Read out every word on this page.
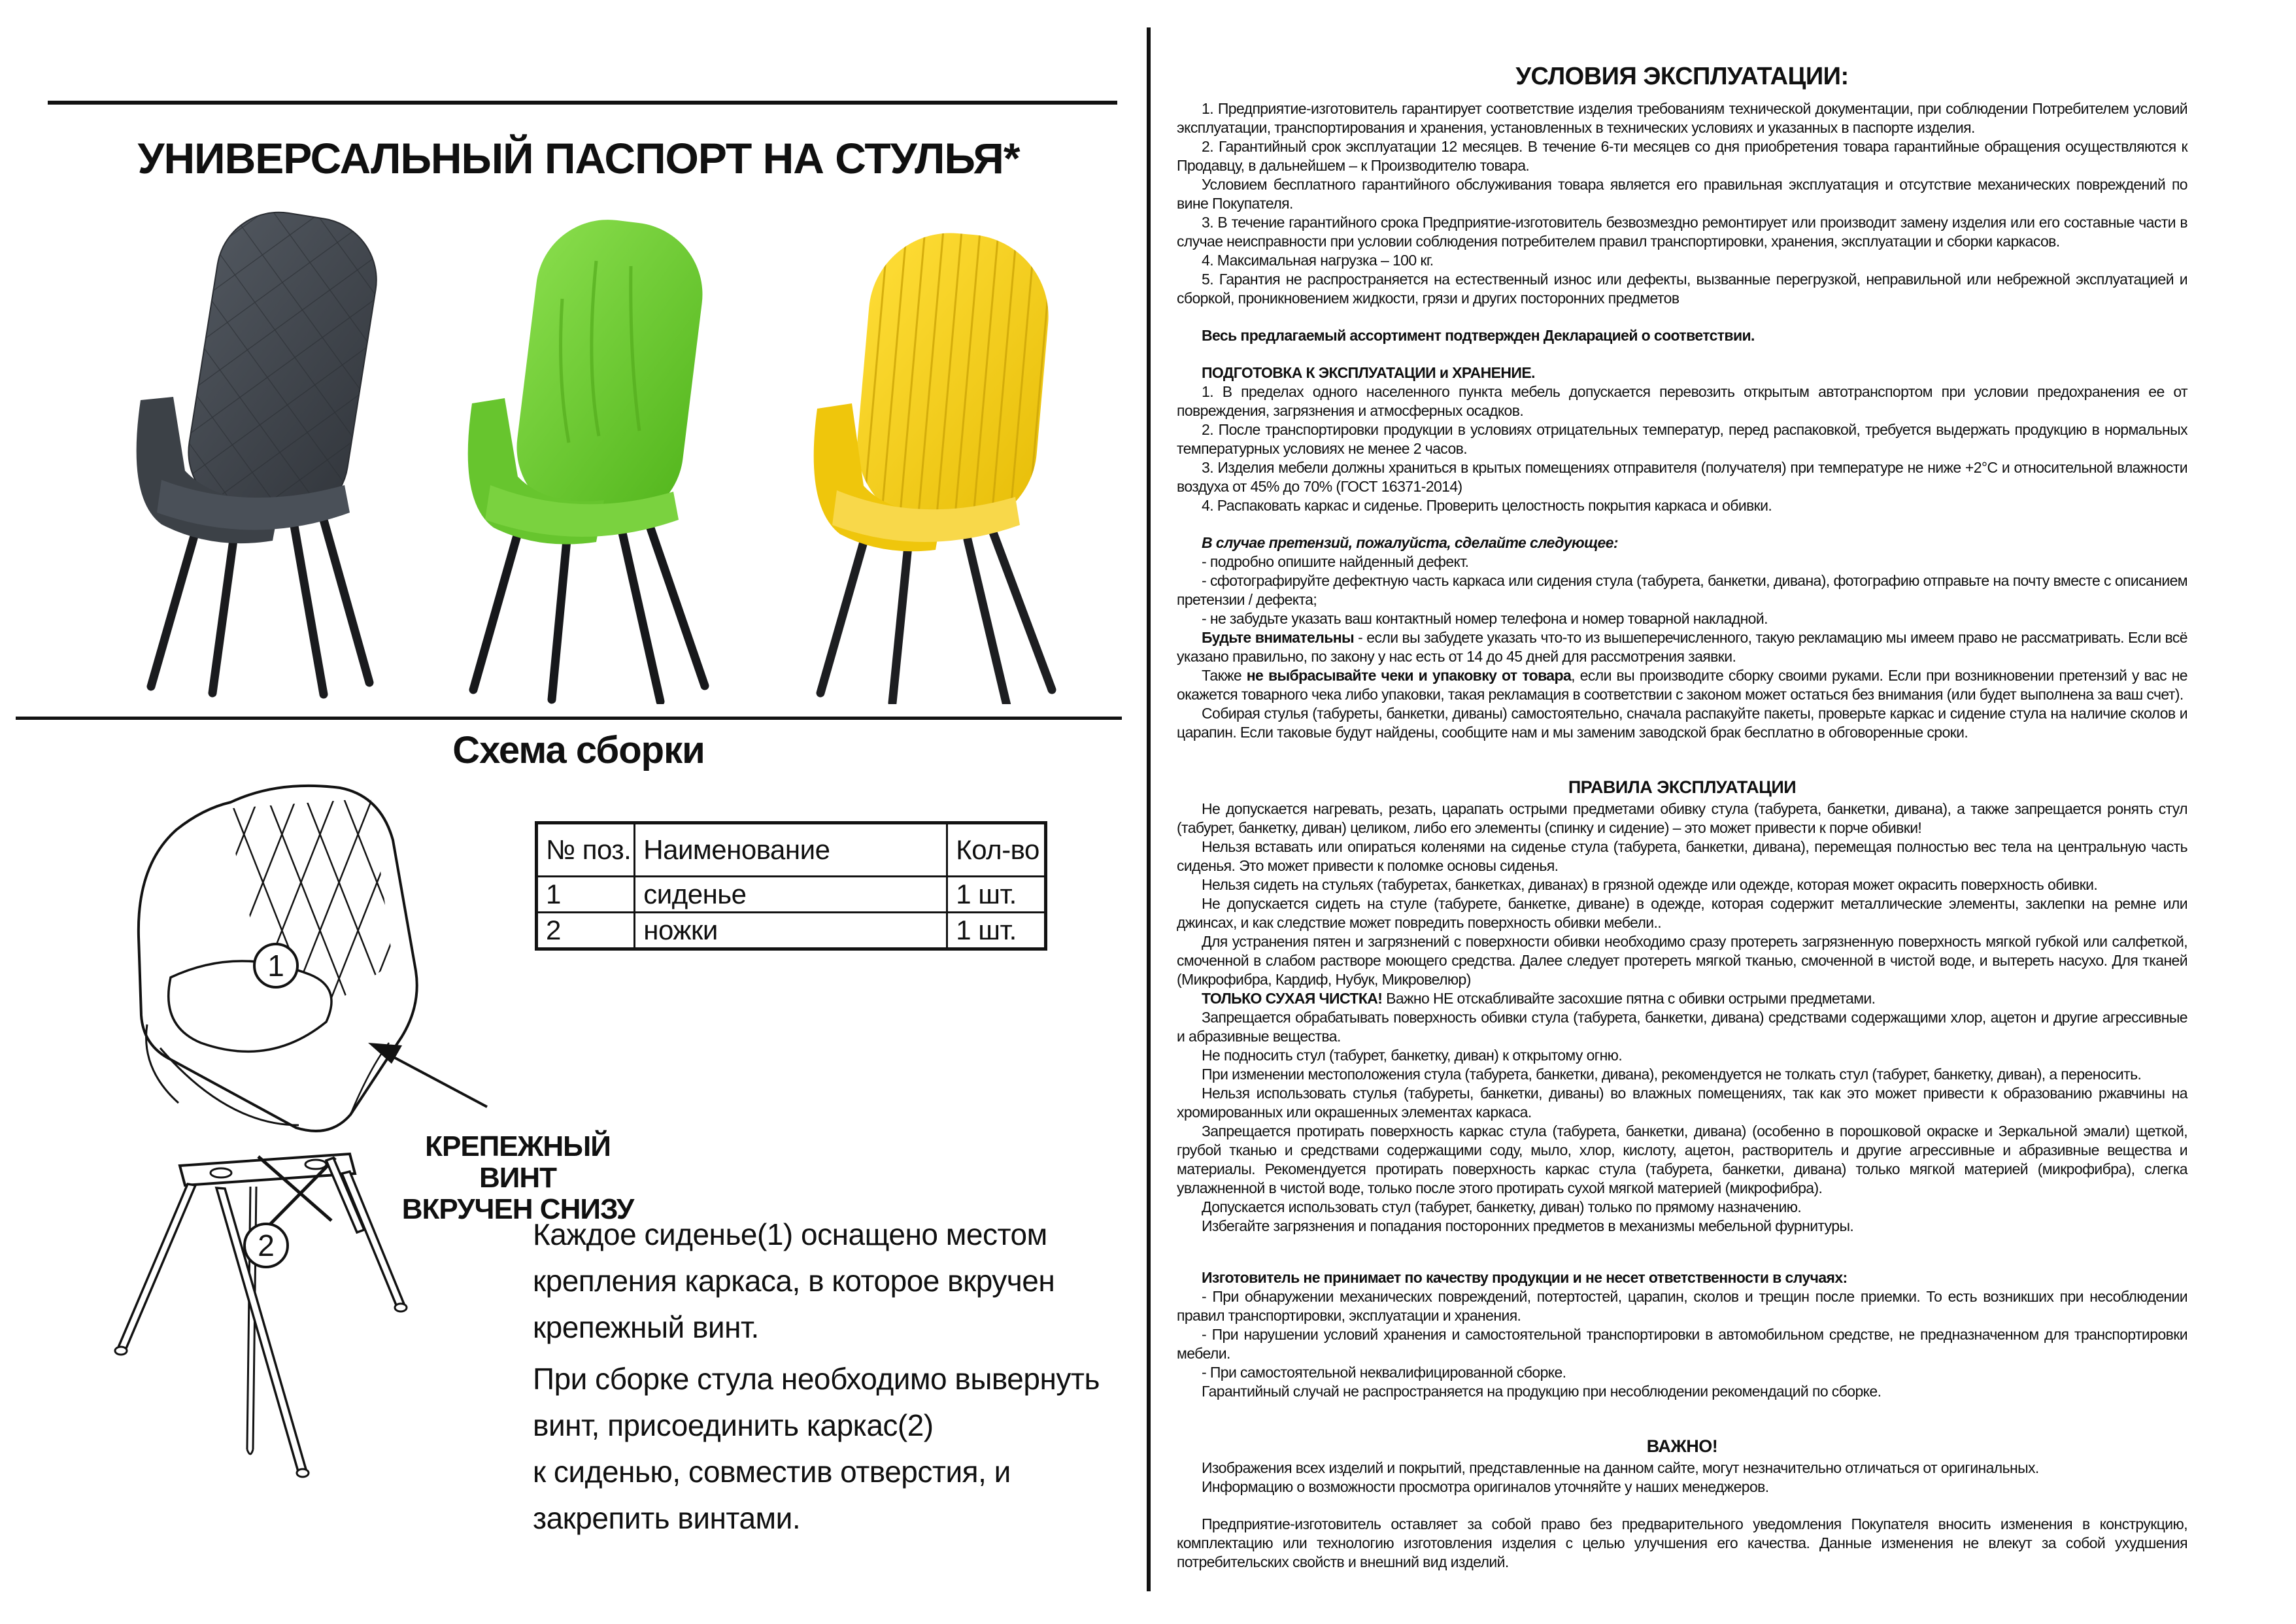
УНИВЕРСАЛЬНЫЙ ПАСПОРТ НА СТУЛЬЯ*
Схема сборки
1
2
КРЕПЕЖНЫЙ ВИНТ
ВКРУЧЕН СНИЗУ
№ поз.	Наименование	Кол-во
1	сиденье	1 шт.
2	ножки	1 шт.
Каждое сиденье(1) оснащено местом
крепления каркаса, в которое вкручен
крепежный винт.
При сборке стула необходимо вывернуть
винт, присоединить каркас(2)
к сиденью, совместив отверстия, и
закрепить винтами.
УСЛОВИЯ ЭКСПЛУАТАЦИИ:
1. Предприятие-изготовитель гарантирует соответствие изделия требованиям технической документации, при соблюдении Потребителем условий эксплуатации, транспортирования и хранения, установленных в технических условиях и указанных в паспорте изделия.
2. Гарантийный срок эксплуатации 12 месяцев. В течение 6-ти месяцев со дня приобретения товара гарантийные обращения осуществляются к Продавцу, в дальнейшем – к Производителю товара.
Условием бесплатного гарантийного обслуживания товара является его правильная эксплуатация и отсутствие механических повреждений по вине Покупателя.
3. В течение гарантийного срока Предприятие-изготовитель безвозмездно ремонтирует или производит замену изделия или его составные части в случае неисправности при условии соблюдения потребителем правил транспортировки, хранения, эксплуатации и сборки каркасов.
4. Максимальная нагрузка – 100 кг.
5. Гарантия не распространяется на естественный износ или дефекты, вызванные перегрузкой, неправильной или небрежной эксплуатацией и сборкой, проникновением жидкости, грязи и других посторонних предметов
Весь предлагаемый ассортимент подтвержден Декларацией о соответствии.
ПОДГОТОВКА К ЭКСПЛУАТАЦИИ и ХРАНЕНИЕ.
1. В пределах одного населенного пункта мебель допускается перевозить открытым автотранспортом при условии предохранения ее от повреждения, загрязнения и атмосферных осадков.
2. После транспортировки продукции в условиях отрицательных температур, перед распаковкой, требуется выдержать продукцию в нормальных температурных условиях не менее 2 часов.
3. Изделия мебели должны храниться в крытых помещениях отправителя (получателя) при температуре не ниже +2°С и относительной влажности воздуха от 45% до 70% (ГОСТ 16371-2014)
4. Распаковать каркас и сиденье. Проверить целостность покрытия каркаса и обивки.
В случае претензий, пожалуйста, сделайте следующее:
- подробно опишите найденный дефект.
- сфотографируйте дефектную часть каркаса или сидения стула (табурета, банкетки, дивана), фотографию отправьте на почту вместе с описанием претензии / дефекта;
- не забудьте указать ваш контактный номер телефона и номер товарной накладной.
Будьте внимательны - если вы забудете указать что-то из вышеперечисленного, такую рекламацию мы имеем право не рассматривать. Если всё указано правильно, по закону у нас есть от 14 до 45 дней для рассмотрения заявки.
Также не выбрасывайте чеки и упаковку от товара, если вы производите сборку своими руками. Если при возникновении претензий у вас не окажется товарного чека либо упаковки, такая рекламация в соответствии с законом может остаться без внимания (или будет выполнена за ваш счет).
Собирая стулья (табуреты, банкетки, диваны) самостоятельно, сначала распакуйте пакеты, проверьте каркас и сидение стула на наличие сколов и царапин. Если таковые будут найдены, сообщите нам и мы заменим заводской брак бесплатно в обговоренные сроки.
ПРАВИЛА ЭКСПЛУАТАЦИИ
Не допускается нагревать, резать, царапать острыми предметами обивку стула (табурета, банкетки, дивана), а также запрещается ронять стул (табурет, банкетку, диван) целиком, либо его элементы (спинку и сидение) – это может привести к порче обивки!
Нельзя вставать или опираться коленями на сиденье стула (табурета, банкетки, дивана), перемещая полностью вес тела на центральную часть сиденья. Это может привести к поломке основы сиденья.
Нельзя сидеть на стульях (табуретах, банкетках, диванах) в грязной одежде или одежде, которая может окрасить поверхность обивки.
Не допускается сидеть на стуле (табурете, банкетке, диване) в одежде, которая содержит металлические элементы, заклепки на ремне или джинсах, и как следствие может повредить поверхность обивки мебели..
Для устранения пятен и загрязнений с поверхности обивки необходимо сразу протереть загрязненную поверхность мягкой губкой или салфеткой, смоченной в слабом растворе моющего средства. Далее следует протереть мягкой тканью, смоченной в чистой воде, и вытереть насухо. Для тканей (Микрофибра, Кардиф, Нубук, Микровелюр)
ТОЛЬКО СУХАЯ ЧИСТКА! Важно НЕ отскабливайте засохшие пятна с обивки острыми предметами.
Запрещается обрабатывать поверхность обивки стула (табурета, банкетки, дивана) средствами содержащими хлор, ацетон и другие агрессивные и абразивные вещества.
Не подносить стул (табурет, банкетку, диван) к открытому огню.
При изменении местоположения стула (табурета, банкетки, дивана), рекомендуется не толкать стул (табурет, банкетку, диван), а переносить.
Нельзя использовать стулья (табуреты, банкетки, диваны) во влажных помещениях, так как это может привести к образованию ржавчины на хромированных или окрашенных элементах каркаса.
Запрещается протирать поверхность каркас стула (табурета, банкетки, дивана) (особенно в порошковой окраске и Зеркальной эмали) щеткой, грубой тканью и средствами содержащими соду, мыло, хлор, кислоту, ацетон, растворитель и другие агрессивные и абразивные вещества и материалы. Рекомендуется протирать поверхность каркас стула (табурета, банкетки, дивана) только мягкой материей (микрофибра), слегка увлажненной в чистой воде, только после этого протирать сухой мягкой материей (микрофибра).
Допускается использовать стул (табурет, банкетку, диван) только по прямому назначению.
Избегайте загрязнения и попадания посторонних предметов в механизмы мебельной фурнитуры.
Изготовитель не принимает по качеству продукции и не несет ответственности в случаях:
- При обнаружении механических повреждений, потертостей, царапин, сколов и трещин после приемки. То есть возникших при несоблюдении правил транспортировки, эксплуатации и хранения.
- При нарушении условий хранения и самостоятельной транспортировки в автомобильном средстве, не предназначенном для транспортировки мебели.
- При самостоятельной неквалифицированной сборке.
Гарантийный случай не распространяется на продукцию при несоблюдении рекомендаций по сборке.
ВАЖНО!
Изображения всех изделий и покрытий, представленные на данном сайте, могут незначительно отличаться от оригинальных.
Информацию о возможности просмотра оригиналов уточняйте у наших менеджеров.
Предприятие-изготовитель оставляет за собой право без предварительного уведомления Покупателя вносить изменения в конструкцию, комплектацию или технологию изготовления изделия с целью улучшения его качества. Данные изменения не влекут за собой ухудшения потребительских свойств и внешний вид изделий.
